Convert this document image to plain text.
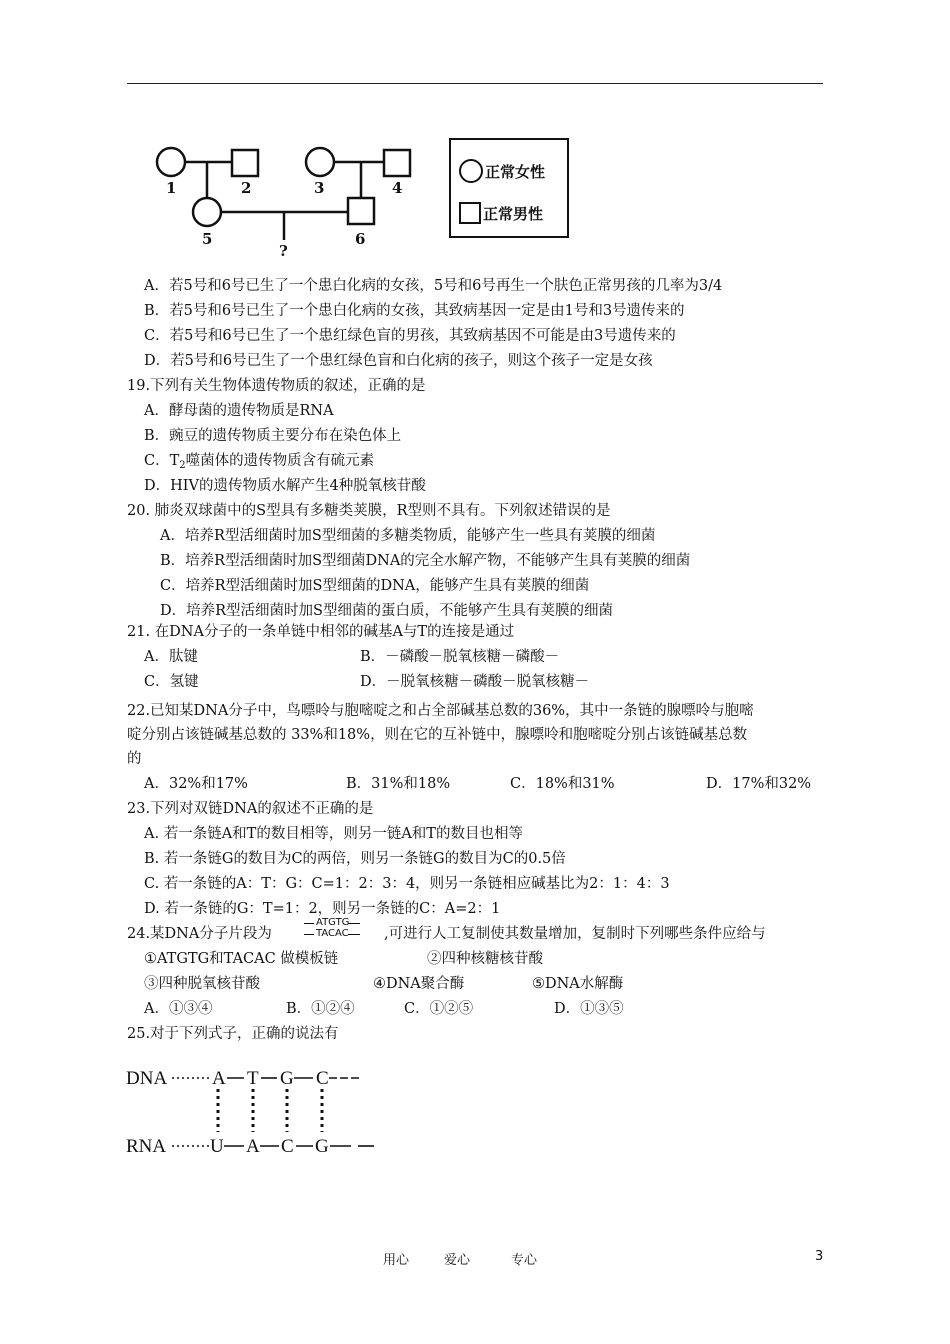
1	2	3	4
5	6
?
正常女性
正常男性
A．若5号和6号已生了一个患白化病的女孩，5号和6号再生一个肤色正常男孩的几率为3/4
B．若5号和6号已生了一个患白化病的女孩，其致病基因一定是由1号和3号遗传来的
C．若5号和6号已生了一个患红绿色盲的男孩，其致病基因不可能是由3号遗传来的
D．若5号和6号已生了一个患红绿色盲和白化病的孩子，则这个孩子一定是女孩
19.下列有关生物体遗传物质的叙述，正确的是
A．酵母菌的遗传物质是RNA
B．豌豆的遗传物质主要分布在染色体上
C．$T_2$噬菌体的遗传物质含有硫元素
D．HIV的遗传物质水解产生4种脱氧核苷酸
20. 肺炎双球菌中的S型具有多糖类荚膜，R型则不具有。下列叙述错误的是
A．培养R型活细菌时加S型细菌的多糖类物质，能够产生一些具有荚膜的细菌
B．培养R型活细菌时加S型细菌DNA的完全水解产物，不能够产生具有荚膜的细菌
C．培养R型活细菌时加S型细菌的DNA，能够产生具有荚膜的细菌
D．培养R型活细菌时加S型细菌的蛋白质，不能够产生具有荚膜的细菌
21. 在DNA分子的一条单链中相邻的碱基A与T的连接是通过
A．肽键	B．－磷酸－脱氧核糖－磷酸－
C．氢键	D．－脱氧核糖－磷酸－脱氧核糖－
22.已知某DNA分子中，鸟嘌呤与胞嘧啶之和占全部碱基总数的36%，其中一条链的腺嘌呤与胞嘧
啶分别占该链碱基总数的 33%和18%，则在它的互补链中，腺嘌呤和胞嘧啶分别占该链碱基总数
的
A．32%和17%	B．31%和18%	C．18%和31%	D．17%和32%
23.下列对双链DNA的叙述不正确的是
A. 若一条链A和T的数目相等，则另一链A和T的数目也相等
B. 若一条链G的数目为C的两倍，则另一条链G的数目为C的0.5倍
C. 若一条链的A：T：G：C=1：2：3：4，则另一条链相应碱基比为2：1：4：3
D. 若一条链的G：T=1：2，则另一条链的C：A=2：1
24.某DNA分子片段为
ATGTG
TACAC ,可进行人工复制使其数量增加，复制时下列哪些条件应给与
①ATGTG和TACAC 做模板链	②四种核糖核苷酸
③四种脱氧核苷酸	④DNA聚合酶	⑤DNA水解酶
A．①③④	B．①②④	C．①②⑤	D．①③⑤
25.对于下列式子，正确的说法有
DNA
RNA
A T G C
U A C G
用心	爱心	专心	3
